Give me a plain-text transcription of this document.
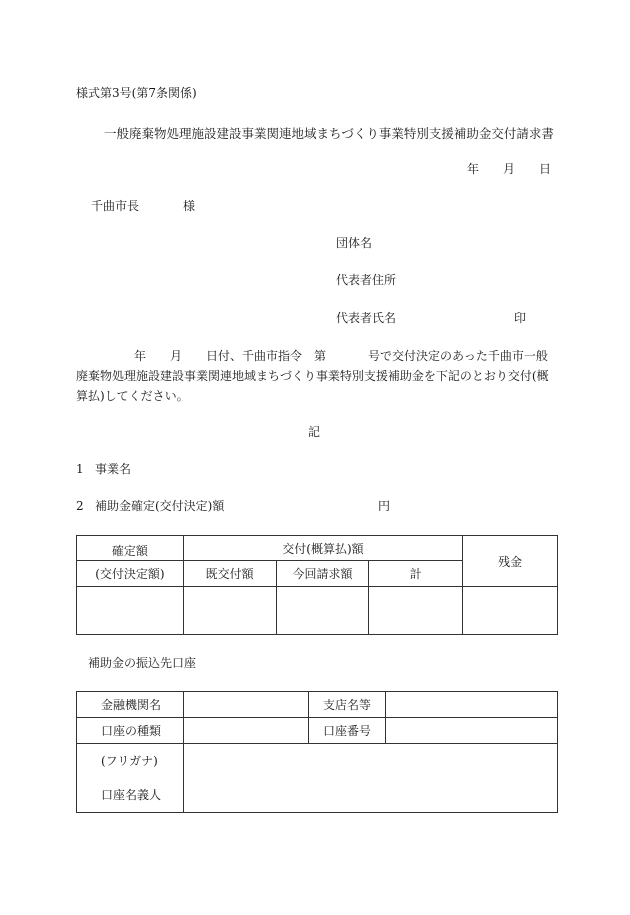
様式第3号(第7条関係)
一般廃棄物処理施設建設事業関連地域まちづくり事業特別支援補助金交付請求書
年 月 日
千曲市長	様
団体名
代表者住所
代表者氏名	印
年 月 日付、千曲市指令　第	号で交付決定のあった千曲市一般廃棄物処理施設建設事業関連地域まちづくり事業特別支援補助金を下記のとおり交付(概算払)してください。
記
1 事業名
2 補助金確定(交付決定)額	円
確定額	交付(概算払)額			残金
(交付決定額)	既交付額	今回請求額	計	

補助金の振込先口座
金融機関名		支店名等	
口座の種類		口座番号	

(フリガナ)
口座名義人			
